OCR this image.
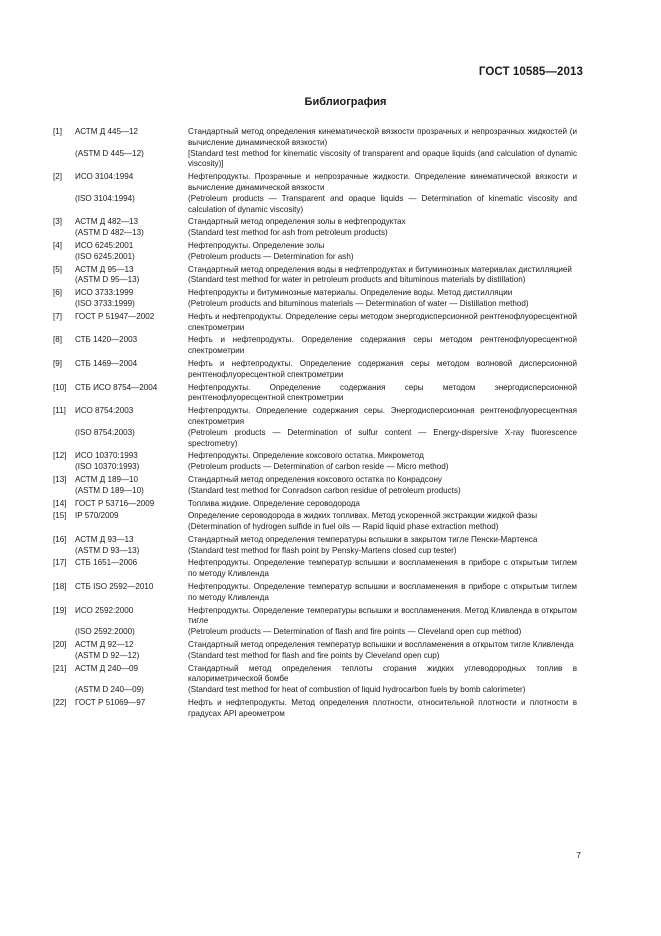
ГОСТ 10585—2013
Библиография
[1]	АСТМ Д 445—12	Стандартный метод определения кинематической вязкости прозрачных и непрозрачных жидкостей (и вычисление динамической вязкости)
(ASTM D 445—12)	[Standard test method for kinematic viscosity of transparent and opaque liquids (and calculation of dynamic viscosity)]
[2]	ИСО 3104:1994	Нефтепродукты. Прозрачные и непрозрачные жидкости. Определение кинематической вязкости и вычисление динамической вязкости
(ISO 3104:1994)	(Petroleum products — Transparent and opaque liquids — Determination of kinematic viscosity and calculation of dynamic viscosity)
[3]	АСТМ Д 482—13	Стандартный метод определения золы в нефтепродуктах
(ASTM D 482—13)	(Standard test method for ash from petroleum products)
[4]	ИСО 6245:2001	Нефтепродукты. Определение золы
(ISO 6245:2001)	(Petroleum products — Determination for ash)
[5]	АСТМ Д 95—13	Стандартный метод определения воды в нефтепродуктах и битуминозных материалах дистилляцией
(ASTM D 95—13)	(Standard test method for water in petroleum products and bituminous materials by distillation)
[6]	ИСО 3733:1999	Нефтепродукты и битуминозные материалы. Определение воды. Метод дистилляции
(ISO 3733:1999)	(Petroleum products and bituminous materials — Determination of water — Distillation method)
[7]	ГОСТ Р 51947—2002	Нефть и нефтепродукты. Определение серы методом энергодисперсионной рентгенофлуоресцентной спектрометрии
[8]	СТБ 1420—2003	Нефть и нефтепродукты. Определение содержания серы методом рентгенофлуоресцентной спектрометрии
[9]	СТБ 1469—2004	Нефть и нефтепродукты. Определение содержания серы методом волновой дисперсионной рентгенофлуоресцентной спектрометрии
[10]	СТБ ИСО 8754—2004	Нефтепродукты. Определение содержания серы методом энергодисперсионной рентгенофлуоресцентной спектрометрии
[11]	ИСО 8754:2003	Нефтепродукты. Определение содержания серы. Энергодисперсионная рентгенофлуоресцентная спектрометрия
(ISO 8754:2003)	(Petroleum products — Determination of sulfur content — Energy-dispersive X-ray fluorescence spectrometry)
[12]	ИСО 10370:1993	Нефтепродукты. Определение коксового остатка. Микрометод
(ISO 10370:1993)	(Petroleum products — Determination of carbon reside — Micro method)
[13]	АСТМ Д 189—10	Стандартный метод определения коксового остатка по Конрадсону
(ASTM D 189—10)	(Standard test method for Conradson carbon residue of petroleum products)
[14]	ГОСТ Р 53716—2009	Топлива жидкие. Определение сероводорода
[15]	IP 570/2009	Определение сероводорода в жидких топливах. Метод ускоренной экстракции жидкой фазы
(Determination of hydrogen sulfide in fuel oils — Rapid liquid phase extraction method)
[16]	АСТМ Д 93—13	Стандартный метод определения температуры вспышки в закрытом тигле Пенски-Мартенса
(ASTM D 93—13)	(Standard test method for flash point by Pensky-Martens closed cup tester)
[17]	СТБ 1651—2006	Нефтепродукты. Определение температур вспышки и воспламенения в приборе с открытым тиглем по методу Кливленда
[18]	СТБ ISO 2592—2010	Нефтепродукты. Определение температур вспышки и воспламенения в приборе с открытым тиглем по методу Кливленда
[19]	ИСО 2592:2000	Нефтепродукты. Определение температуры вспышки и воспламенения. Метод Кливленда в открытом тигле
(ISO 2592:2000)	(Petroleum products — Determination of flash and fire points — Cleveland open cup method)
[20]	АСТМ Д 92—12	Стандартный метод определения температур вспышки и воспламенения в открытом тигле Кливленда
(ASTM D 92—12)	(Standard test method for flash and fire points by Cleveland open cup)
[21]	АСТМ Д 240—09	Стандартный метод определения теплоты сгорания жидких углеводородных топлив в калориметрической бомбе
(ASTM D 240—09)	(Standard test method for heat of combustion of liquid hydrocarbon fuels by bomb calorimeter)
[22]	ГОСТ Р 51069—97	Нефть и нефтепродукты. Метод определения плотности, относительной плотности и плотности в градусах API ареометром
7
